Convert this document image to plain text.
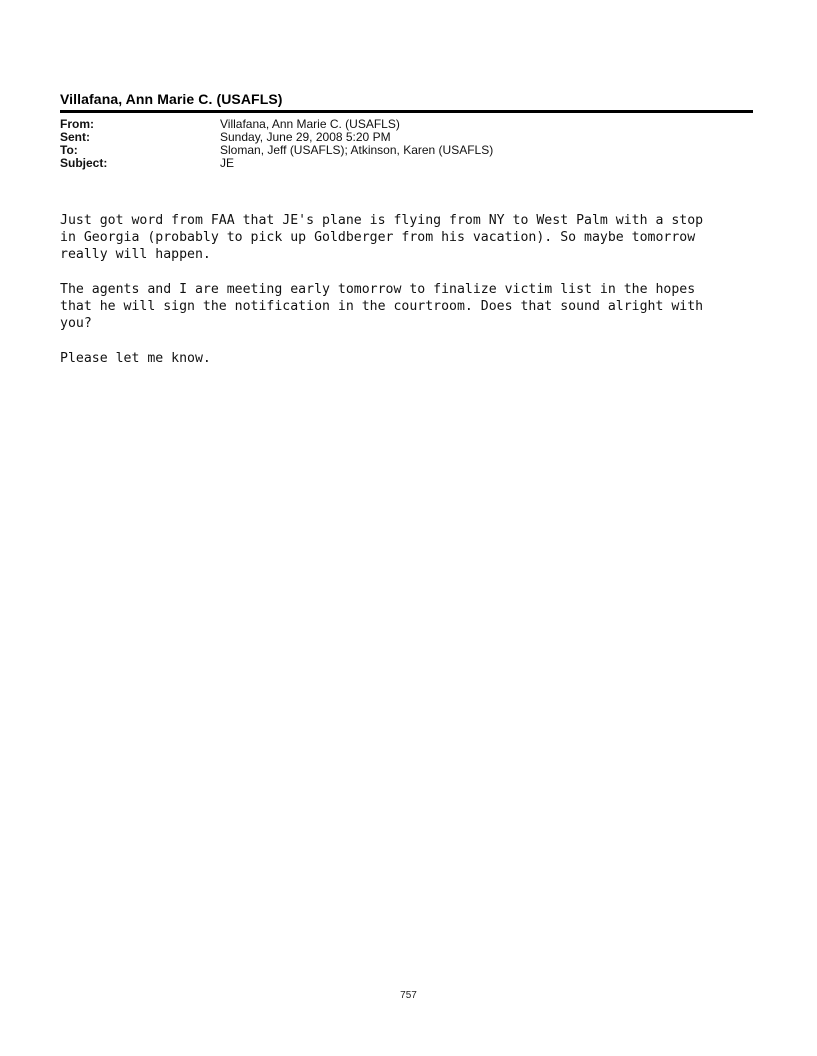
Villafana, Ann Marie C. (USAFLS)
From:	Villafana, Ann Marie C. (USAFLS)
Sent:	Sunday, June 29, 2008 5:20 PM
To:	Sloman, Jeff (USAFLS); Atkinson, Karen (USAFLS)
Subject:	JE

Just got word from FAA that JE's plane is flying from NY to West Palm with a stop
in Georgia (probably to pick up Goldberger from his vacation). So maybe tomorrow
really will happen.

The agents and I are meeting early tomorrow to finalize victim list in the hopes
that he will sign the notification in the courtroom. Does that sound alright with
you?

Please let me know.

757
